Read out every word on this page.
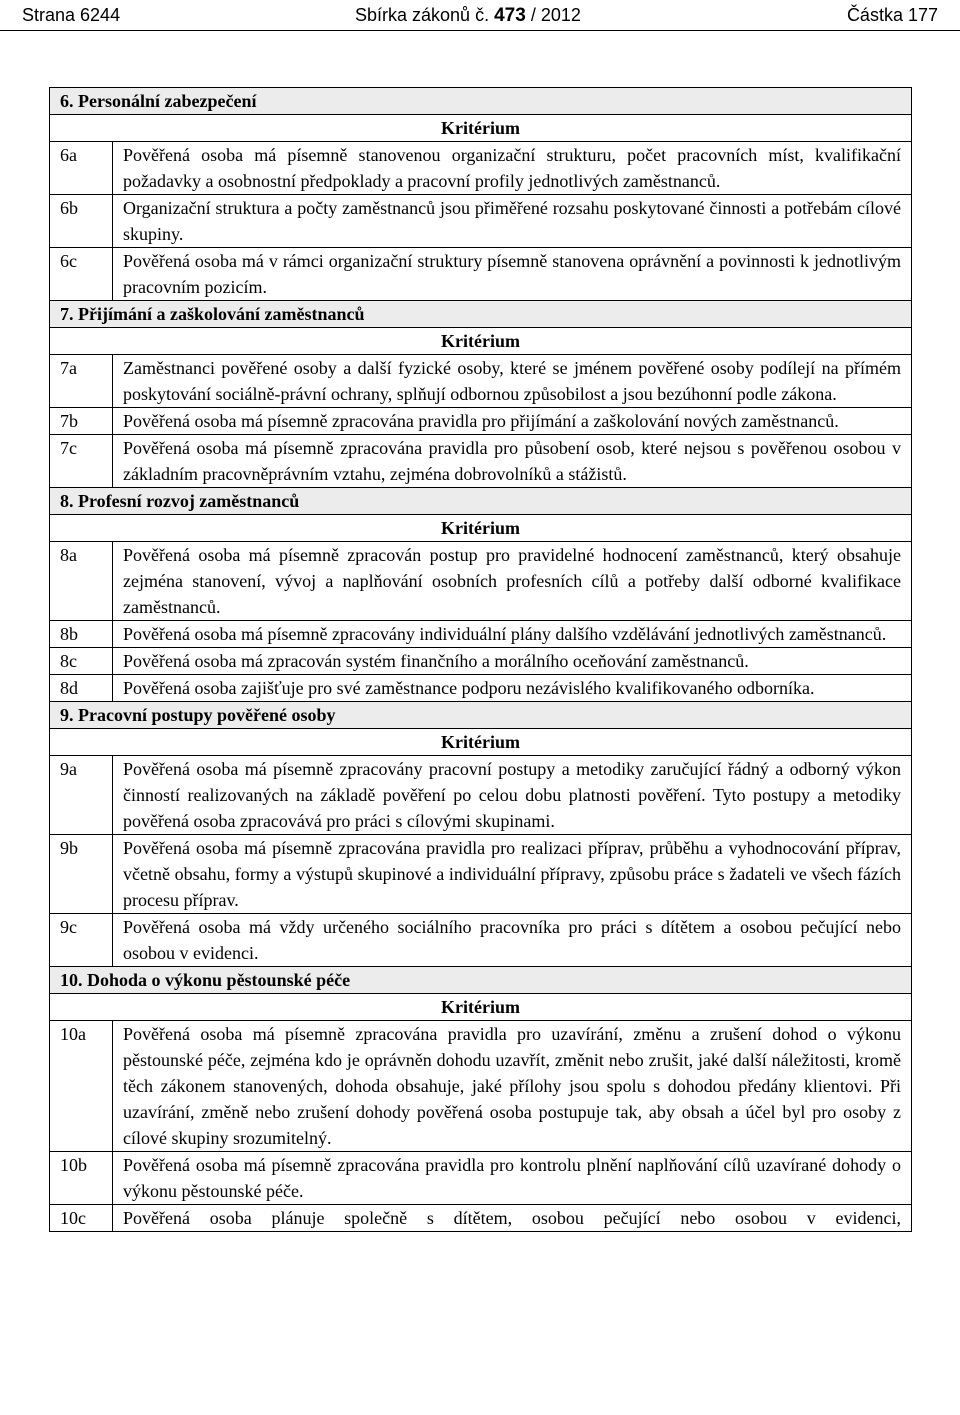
Strana 6244	Sbírka zákonů č. 473 / 2012	Částka 177
6. Personální zabezpečení	

Kritérium	

6a	Pověřená osoba má písemně stanovenou organizační strukturu, počet pracovních míst, kvalifikační požadavky a osobnostní předpoklady a pracovní profily jednotlivých zaměstnanců.
6b	Organizační struktura a počty zaměstnanců jsou přiměřené rozsahu poskytované činnosti a potřebám cílové skupiny.
6c	Pověřená osoba má v rámci organizační struktury písemně stanovena oprávnění a povinnosti k jednotlivým pracovním pozicím.

7. Přijímání a zaškolování zaměstnanců	

Kritérium	

7a	Zaměstnanci pověřené osoby a další fyzické osoby, které se jménem pověřené osoby podílejí na přímém poskytování sociálně-právní ochrany, splňují odbornou způsobilost a jsou bezúhonní podle zákona.
7b	Pověřená osoba má písemně zpracována pravidla pro přijímání a zaškolování nových zaměstnanců.
7c	Pověřená osoba má písemně zpracována pravidla pro působení osob, které nejsou s pověřenou osobou v základním pracovněprávním vztahu, zejména dobrovolníků a stážistů.

8. Profesní rozvoj zaměstnanců	

Kritérium	

8a	Pověřená osoba má písemně zpracován postup pro pravidelné hodnocení zaměstnanců, který obsahuje zejména stanovení, vývoj a naplňování osobních profesních cílů a potřeby další odborné kvalifikace zaměstnanců.
8b	Pověřená osoba má písemně zpracovány individuální plány dalšího vzdělávání jednotlivých zaměstnanců.
8c	Pověřená osoba má zpracován systém finančního a morálního oceňování zaměstnanců.
8d	Pověřená osoba zajišťuje pro své zaměstnance podporu nezávislého kvalifikovaného odborníka.

9. Pracovní postupy pověřené osoby	

Kritérium	

9a	Pověřená osoba má písemně zpracovány pracovní postupy a metodiky zaručující řádný a odborný výkon činností realizovaných na základě pověření po celou dobu platnosti pověření. Tyto postupy a metodiky pověřená osoba zpracovává pro práci s cílovými skupinami.
9b	Pověřená osoba má písemně zpracována pravidla pro realizaci příprav, průběhu a vyhodnocování příprav, včetně obsahu, formy a výstupů skupinové a individuální přípravy, způsobu práce s žadateli ve všech fázích procesu příprav.
9c	Pověřená osoba má vždy určeného sociálního pracovníka pro práci s dítětem a osobou pečující nebo osobou v evidenci.

10. Dohoda o výkonu pěstounské péče	

Kritérium	

10a	Pověřená osoba má písemně zpracována pravidla pro uzavírání, změnu a zrušení dohod o výkonu pěstounské péče, zejména kdo je oprávněn dohodu uzavřít, změnit nebo zrušit, jaké další náležitosti, kromě těch zákonem stanovených, dohoda obsahuje, jaké přílohy jsou spolu s dohodou předány klientovi. Při uzavírání, změně nebo zrušení dohody pověřená osoba postupuje tak, aby obsah a účel byl pro osoby z cílové skupiny srozumitelný.
10b	Pověřená osoba má písemně zpracována pravidla pro kontrolu plnění naplňování cílů uzavírané dohody o výkonu pěstounské péče.
10c	Pověřená osoba plánuje společně s dítětem, osobou pečující nebo osobou v evidenci,
